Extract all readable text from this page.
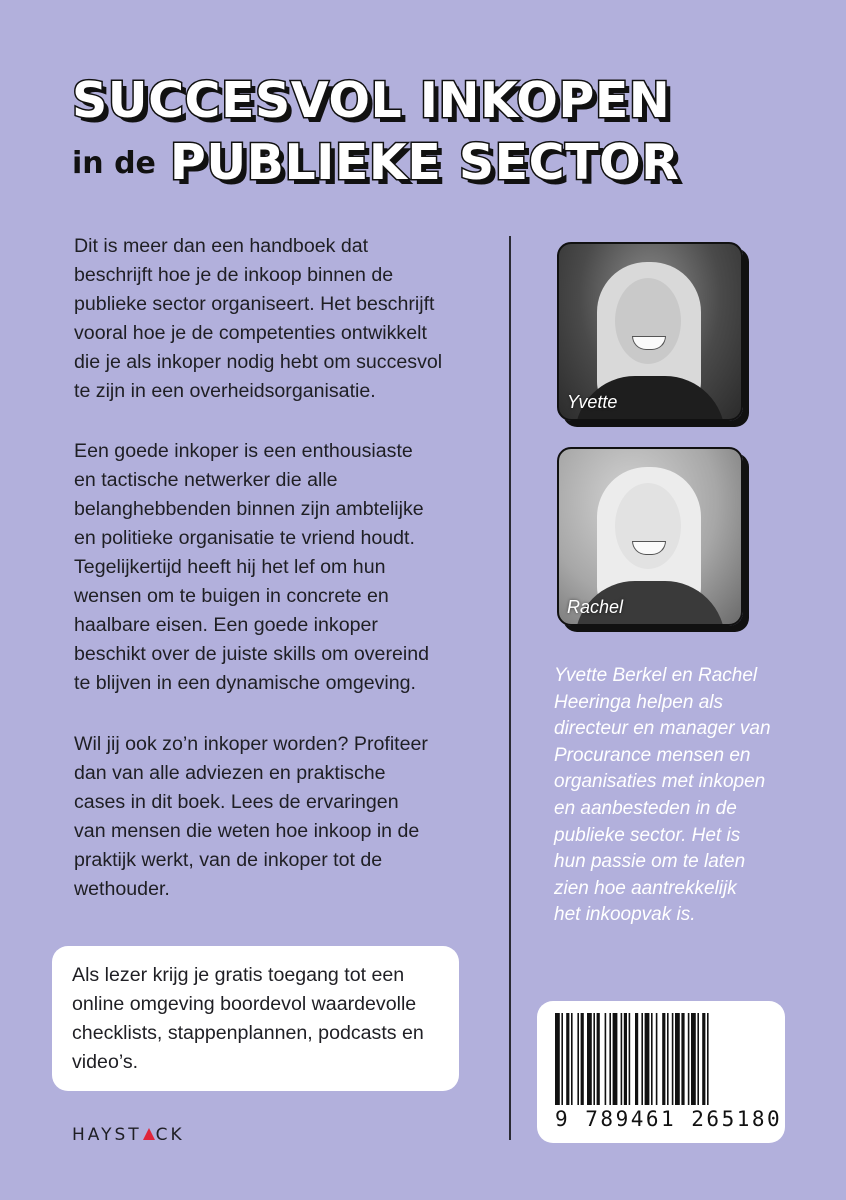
SUCCESVOL INKOPEN
in de PUBLIEKE SECTOR

Dit is meer dan een handboek dat
beschrijft hoe je de inkoop binnen de
publieke sector organiseert. Het beschrijft
vooral hoe je de competenties ontwikkelt
die je als inkoper nodig hebt om succesvol
te zijn in een overheidsorganisatie.

Een goede inkoper is een enthousiaste
en tactische netwerker die alle
belanghebbenden binnen zijn ambtelijke
en politieke organisatie te vriend houdt.
Tegelijkertijd heeft hij het lef om hun
wensen om te buigen in concrete en
haalbare eisen. Een goede inkoper
beschikt over de juiste skills om overeind
te blijven in een dynamische omgeving.

Wil jij ook zo’n inkoper worden? Profiteer
dan van alle adviezen en praktische
cases in dit boek. Lees de ervaringen
van mensen die weten hoe inkoop in de
praktijk werkt, van de inkoper tot de
wethouder.

Als lezer krijg je gratis toegang tot een
online omgeving boordevol waardevolle
checklists, stappenplannen, podcasts en
video’s.
Yvette
Rachel
Yvette Berkel en Rachel
Heeringa helpen als
directeur en manager van
Procurance mensen en
organisaties met inkopen
en aanbesteden in de
publieke sector. Het is
hun passie om te laten
zien hoe aantrekkelijk
het inkoopvak is.
9 789461 265180
HAYST CK
